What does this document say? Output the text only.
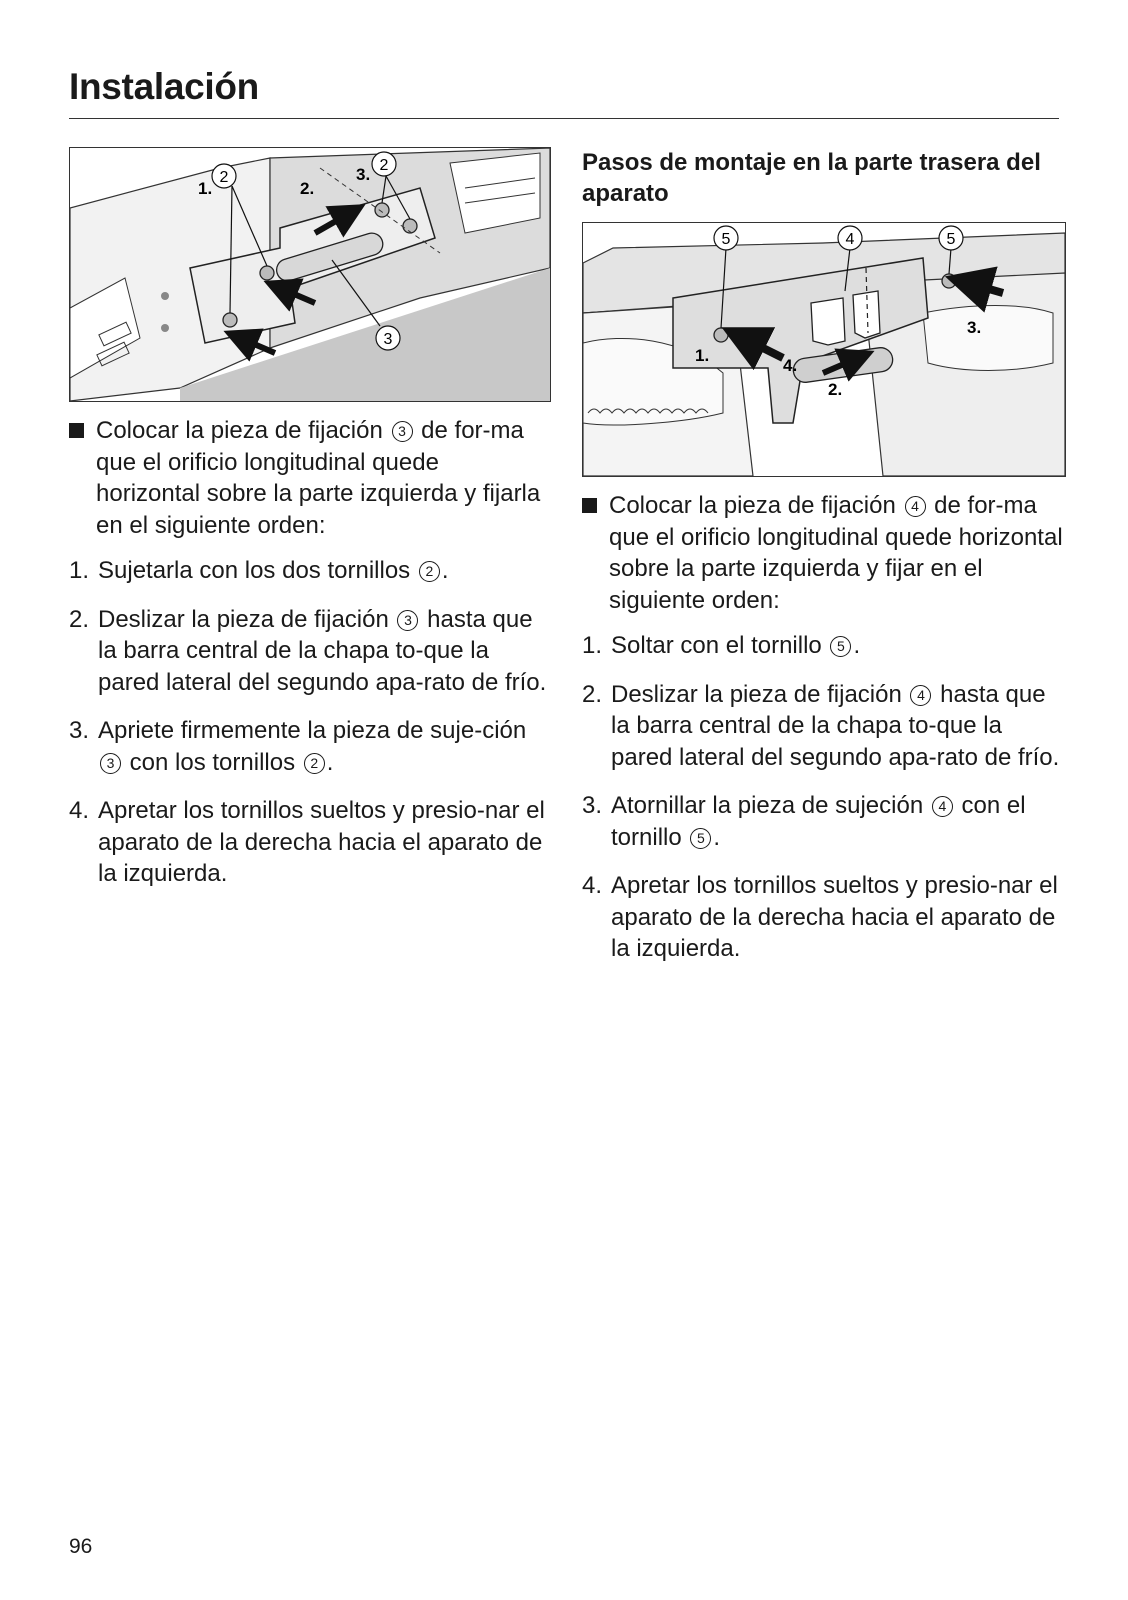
Instalación
2
2
3
1.	2.
3.
Colocar la pieza de fijación 3 de for-ma que el orificio longitudinal quede horizontal sobre la parte izquierda y fijarla en el siguiente orden:
1. Sujetarla con los dos tornillos 2 .
2. Deslizar la pieza de fijación 3 hasta que la barra central de la chapa to-que la pared lateral del segundo apa-rato de frío.
3. Apriete firmemente la pieza de suje-ción 3 con los tornillos 2 .
4. Apretar los tornillos sueltos y presio-nar el aparato de la derecha hacia el aparato de la izquierda.
Pasos de montaje en la parte trasera del aparato
5	4	5
1.
2.
3.
4.
Colocar la pieza de fijación 4 de for-ma que el orificio longitudinal quede horizontal sobre la parte izquierda y fijar en el siguiente orden:
1. Soltar con el tornillo 5 .
2. Deslizar la pieza de fijación 4 hasta que la barra central de la chapa to-que la pared lateral del segundo apa-rato de frío.
3. Atornillar la pieza de sujeción 4 con el tornillo 5 .
4. Apretar los tornillos sueltos y presio-nar el aparato de la derecha hacia el aparato de la izquierda.
96
